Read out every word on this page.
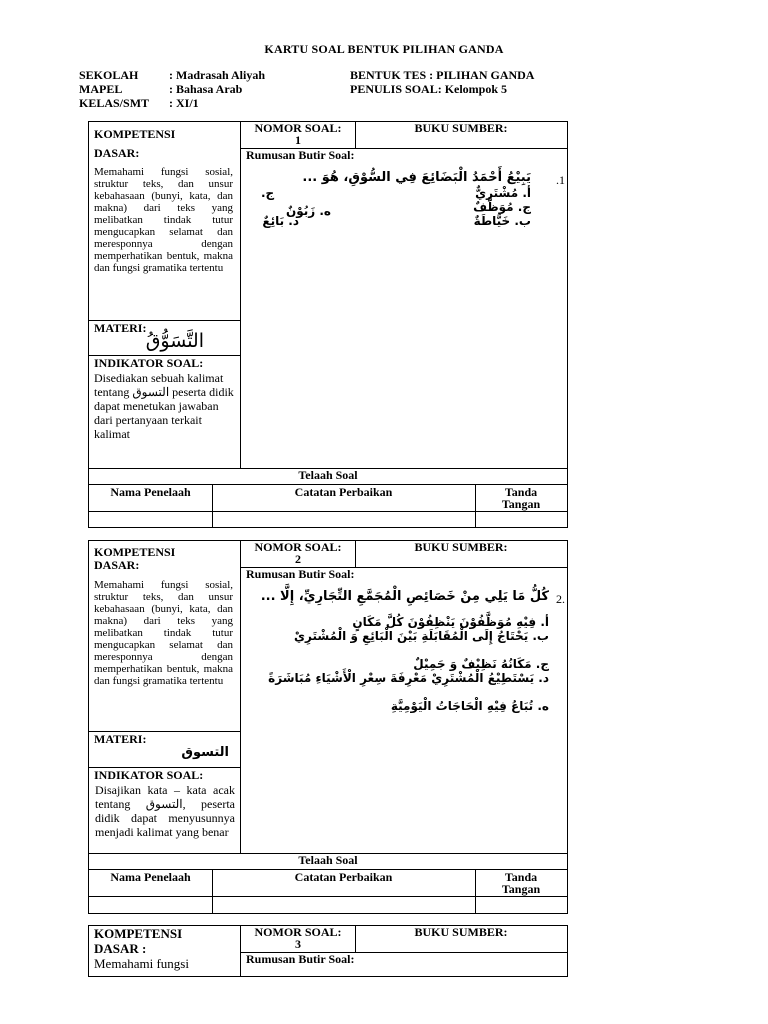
KARTU SOAL BENTUK PILIHAN GANDA
SEKOLAH	: Madrasah Aliyah
MAPEL	: Bahasa Arab
KELAS/SMT : XI/1
BENTUK TES : PILIHAN GANDA
PENULIS SOAL: Kelompok 5
KOMPETENSI
DASAR:
Memahami fungsi sosial, struktur teks, dan unsur kebahasaan (bunyi, kata, dan makna) dari teks yang melibatkan tindak tutur mengucapkan selamat dan meresponnya dengan memperhatikan bentuk, makna dan fungsi gramatika tertentu
MATERI:
التَّسَوُّقُ
INDIKATOR SOAL:
Disediakan sebuah kalimat tentang التسوق peserta didik dapat menetukan jawaban dari pertanyaan terkait kalimat
NOMOR SOAL:
1
BUKU SUMBER:
Rumusan Butir Soal:
.1
يَبِيْعُ أَحْمَدُ الْبَضَائِعَ فِي السُّوْقِ، هُوَ ...
أ. مُشْتَرِيٌّ
ج.
ج. مُوَظَّفٌ
ه. زَبُوْنٌ
ب. خَيَّاطَةٌ
د. بَائِعٌ
Telaah Soal
Nama Penelaah	Catatan Perbaikan	Tanda
Tangan
KOMPETENSI
DASAR:
Memahami fungsi sosial, struktur teks, dan unsur kebahasaan (bunyi, kata, dan makna) dari teks yang melibatkan tindak tutur mengucapkan selamat dan meresponnya dengan memperhatikan bentuk, makna dan fungsi gramatika tertentu
MATERI:
التسوق
INDIKATOR SOAL:
Disajikan kata – kata acak tentang التسوق, peserta didik dapat menyusunnya menjadi kalimat yang benar
NOMOR SOAL:
2
BUKU SUMBER:
Rumusan Butir Soal:
2.
كُلُّ مَا يَلِي مِنْ خَصَائِصِ الْمُجَمَّعِ التِّجَارِيِّ، إِلَّا ...
أ. فِيْهِ مُوَظَّفُوْنَ يَنْظِفُوْنَ كُلَّ مَكَانٍ
ب. يَحْتَاجُ إِلَى الْمُقَابَلَةِ بَيْنَ الْبَائِعِ وَ الْمُشْتَرِيْ
ج. مَكَانُهُ نَظِيْفٌ وَ جَمِيْلٌ
د. يَسْتَطِيْعُ الْمُشْتَرِيْ مَعْرِفَةَ سِعْرِ الْأَشْيَاءِ مُبَاشَرَةً
ه. تُبَاعُ فِيْهِ الْحَاجَاتُ الْيَوْمِيَّةِ
Telaah Soal
Nama Penelaah	Catatan Perbaikan	Tanda
Tangan
KOMPETENSI
DASAR :
Memahami fungsi
NOMOR SOAL:
3
BUKU SUMBER:
Rumusan Butir Soal:
